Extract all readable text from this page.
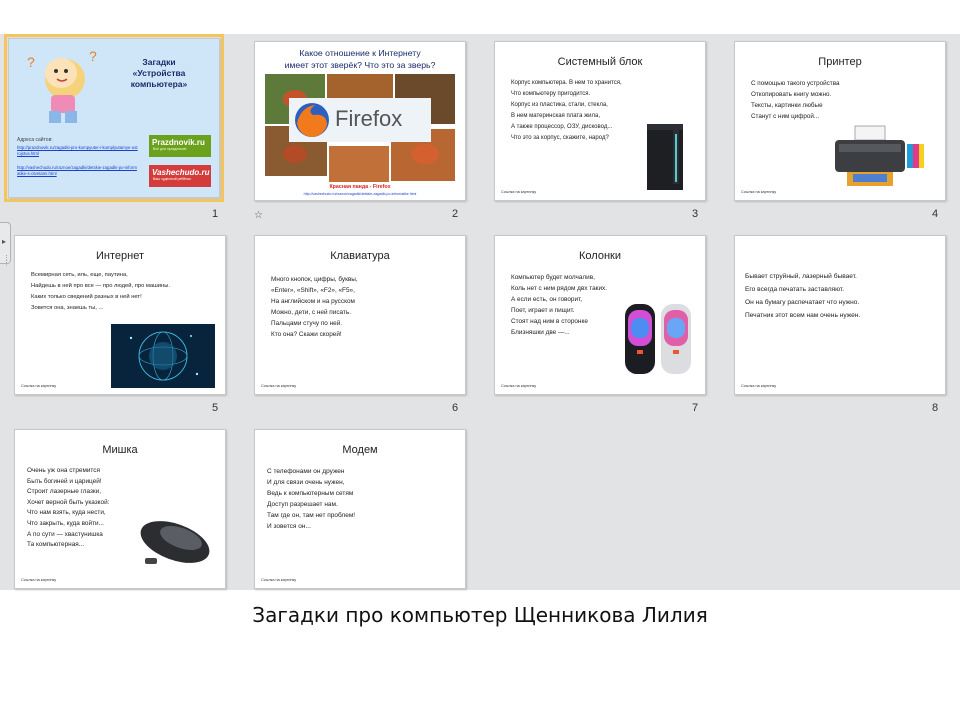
?	?	Загадки
«Устройства
компьютера»
Адреса сайтов:
http://prazdnovik.ru/zagadki-pro-kompyuter-i-komplyutarnye-ustrojstva.html
http://vashechudo.ru/raznoe/zagadki/detskie-zagadki-po-informatike-s-otvetami.html
Prazdnovik.ru
Всё для праздников!
Vashechudo.ru
Ваш чудесный ребёнок
1
Какое отношение к Интернету
имеет этот зверёк? Что это за зверь?
Firefox
Красная панда - Firefox
http://vashechudo.ru/raznoe/zagadki/detskie-zagadki-po-informatike.html
☆	2
Системный блок
Корпус компьютера. В нем то хранится,
Что компьютеру пригодится.
Корпус из пластика, стали, стекла,
В нем материнская плата жила,
А также процессор, ОЗУ, дисковод...
Что это за корпус, скажите, народ?
Ссылка на картинку
3
Принтер
С помощью такого устройства
Откопировать книгу можно.
Тексты, картинки любые
Станут с ним цифрой...
Ссылка на картинку
4
Интернет
Всемирная сеть, иль, еще, паутина,
Найдешь в ней про все — про людей, про машины.
Каких только сведений разных в ней нет!
Зовется она, знаешь ты, ...
Ссылка на картинку
5
Клавиатура
Много кнопок, цифры, буквы,
«Enter», «Shift», «F2», «F5»,
На английском и на русском
Можно, дети, с ней писать.
Пальцами стучу по ней.
Кто она? Скажи скорей!
Ссылка на картинку
6
Колонки
Компьютер будет молчалив,
Коль нет с ним рядом двх таких.
А если есть, он говорит,
Поет, играет и пищит.
Стоят над ним в сторонке
Близняшки две —...
Ссылка на картинку
7
Бывает струйный, лазерный бывает.
Его всегда печатать заставляют.
Он на бумагу распечатает что нужно.
Печатник этот всем нам очень нужен.
Ссылка на картинку
8
Мишка
Очень уж она стремится
Быть богиней и царицей!
Строит лазерные глазки,
Хочет верной быть указкой:
Что нам взять, куда нести,
Что закрыть, куда войти...
А по сути — хвастунишка
Та компьютерная...
Ссылка на картинку
Модем
С телефонами он дружен
И для связи очень нужен,
Ведь к компьютерным сетям
Доступ разрешает нам.
Там где он, там нет проблем!
И зовется он...
Ссылка на картинку
▸
⋮
⋮
Загадки про компьютер Щенникова Лилия
